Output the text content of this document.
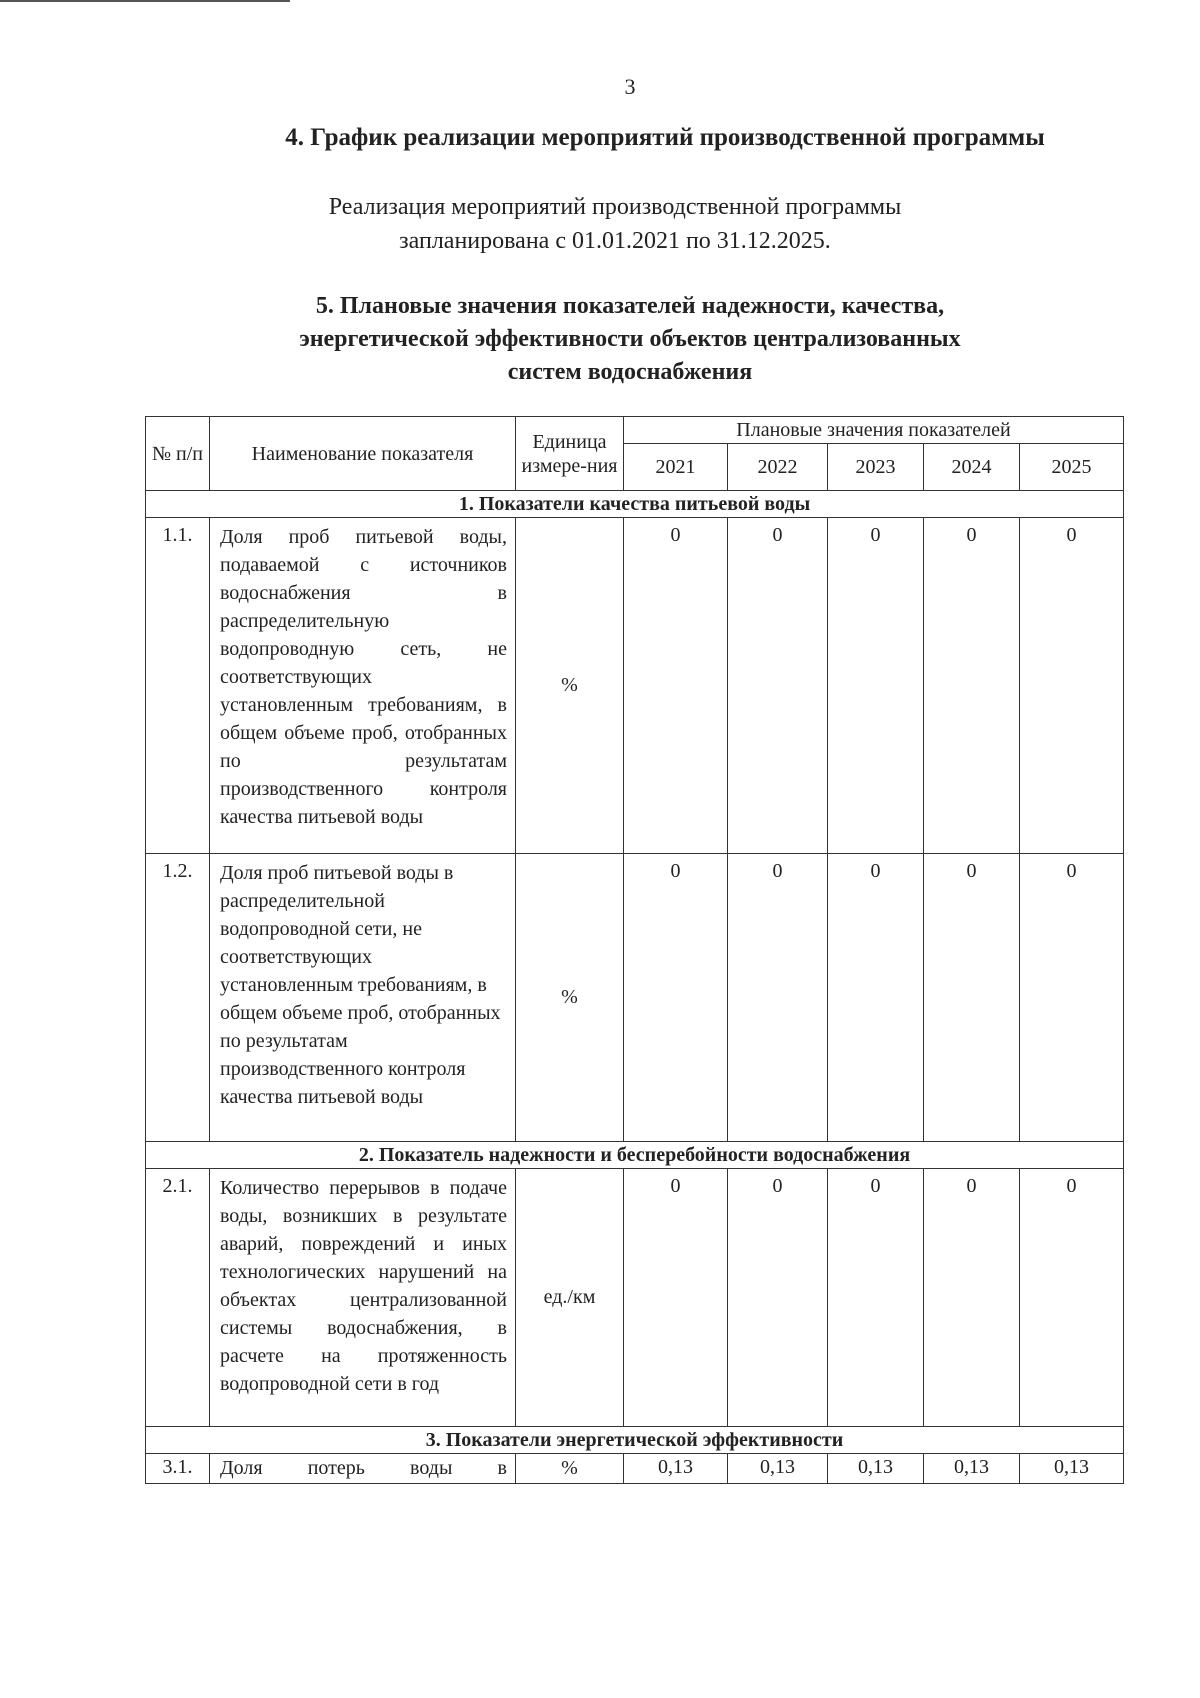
3
4. График реализации мероприятий производственной программы
Реализация мероприятий производственной программы
запланирована с 01.01.2021 по 31.12.2025.
5. Плановые значения показателей надежности, качества,
энергетической эффективности объектов централизованных
систем водоснабжения
№ п/п	Наименование показателя	Единица измере-ния	Плановые значения показателей				
			2021	2022	2023	2024	2025
1. Показатели качества питьевой воды							
1.1.	Доля проб питьевой воды, подаваемой с источников водоснабжения в распределительную водопроводную сеть, не соответствующих установленным требованиям, в общем объеме проб, отобранных по результатам производственного контроля качества питьевой воды	%	0	0	0	0	0
1.2.	Доля проб питьевой воды в распределительной водопроводной сети, не соответствующих установленным требованиям, в общем объеме проб, отобранных по результатам производственного контроля качества питьевой воды	%	0	0	0	0	0
2. Показатель надежности и бесперебойности водоснабжения							
2.1.	Количество перерывов в подаче воды, возникших в результате аварий, повреждений и иных технологических нарушений на объектах централизованной системы водоснабжения, в расчете на протяженность водопроводной сети в год	ед./км	0	0	0	0	0
3. Показатели энергетической эффективности							
3.1.	Доля потерь воды в	%	0,13	0,13	0,13	0,13	0,13
